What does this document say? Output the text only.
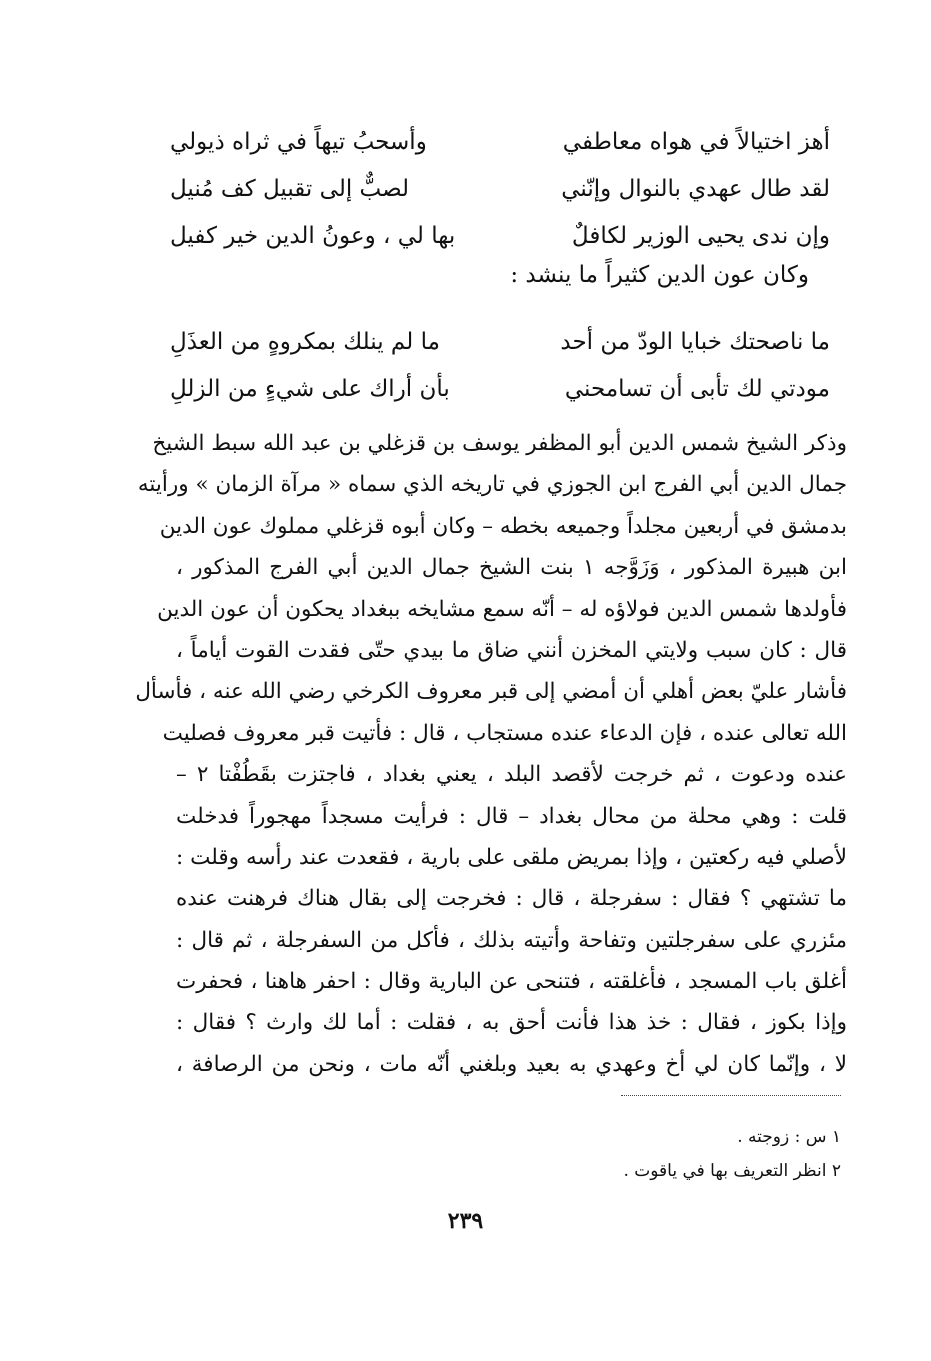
أهز اختيالاً في هواه معاطفي
وأسحبُ تيهاً في ثراه ذيولي
لقد طال عهدي بالنوال وإنّني
لصبٌّ إلى تقبيل كف مُنيل
وإن ندى يحيى الوزير لكافلٌ
بها لي ، وعونُ الدين خير كفيل
وكان عون الدين كثيراً ما ينشد :
ما ناصحتك خبايا الودّ من أحد
ما لم ينلك بمكروهٍ من العذَلِ
مودتي لك تأبى أن تسامحني
بأن أراك على شيءٍ من الزللِ
وذكر الشيخ شمس الدين أبو المظفر يوسف بن قزغلي بن عبد الله سبط الشيخ
جمال الدين أبي الفرج ابن الجوزي في تاريخه الذي سماه « مرآة الزمان » ورأيته
بدمشق في أربعين مجلداً وجميعه بخطه – وكان أبوه قزغلي مملوك عون الدين
ابن هبيرة المذكور ، وَزَوَّجه ١ بنت الشيخ جمال الدين أبي الفرج المذكور ،
فأولدها شمس الدين فولاؤه له – أنّه سمع مشايخه ببغداد يحكون أن عون الدين
قال : كان سبب ولايتي المخزن أنني ضاق ما بيدي حتّى فقدت القوت أياماً ،
فأشار عليّ بعض أهلي أن أمضي إلى قبر معروف الكرخي رضي الله عنه ، فأسأل
الله تعالى عنده ، فإن الدعاء عنده مستجاب ، قال : فأتيت قبر معروف فصليت
عنده ودعوت ، ثم خرجت لأقصد البلد ، يعني بغداد ، فاجتزت بقَطُفْتا ٢ –
قلت : وهي محلة من محال بغداد – قال : فرأيت مسجداً مهجوراً فدخلت
لأصلي فيه ركعتين ، وإذا بمريض ملقى على بارية ، فقعدت عند رأسه وقلت :
ما تشتهي ؟ فقال : سفرجلة ، قال : فخرجت إلى بقال هناك فرهنت عنده
مئزري على سفرجلتين وتفاحة وأتيته بذلك ، فأكل من السفرجلة ، ثم قال :
أغلق باب المسجد ، فأغلقته ، فتنحى عن البارية وقال : احفر هاهنا ، فحفرت
وإذا بكوز ، فقال : خذ هذا فأنت أحق به ، فقلت : أما لك وارث ؟ فقال :
لا ، وإنّما كان لي أخ وعهدي به بعيد وبلغني أنّه مات ، ونحن من الرصافة ،
١ س : زوجته .
٢ انظر التعريف بها في ياقوت .
٢٣٩
